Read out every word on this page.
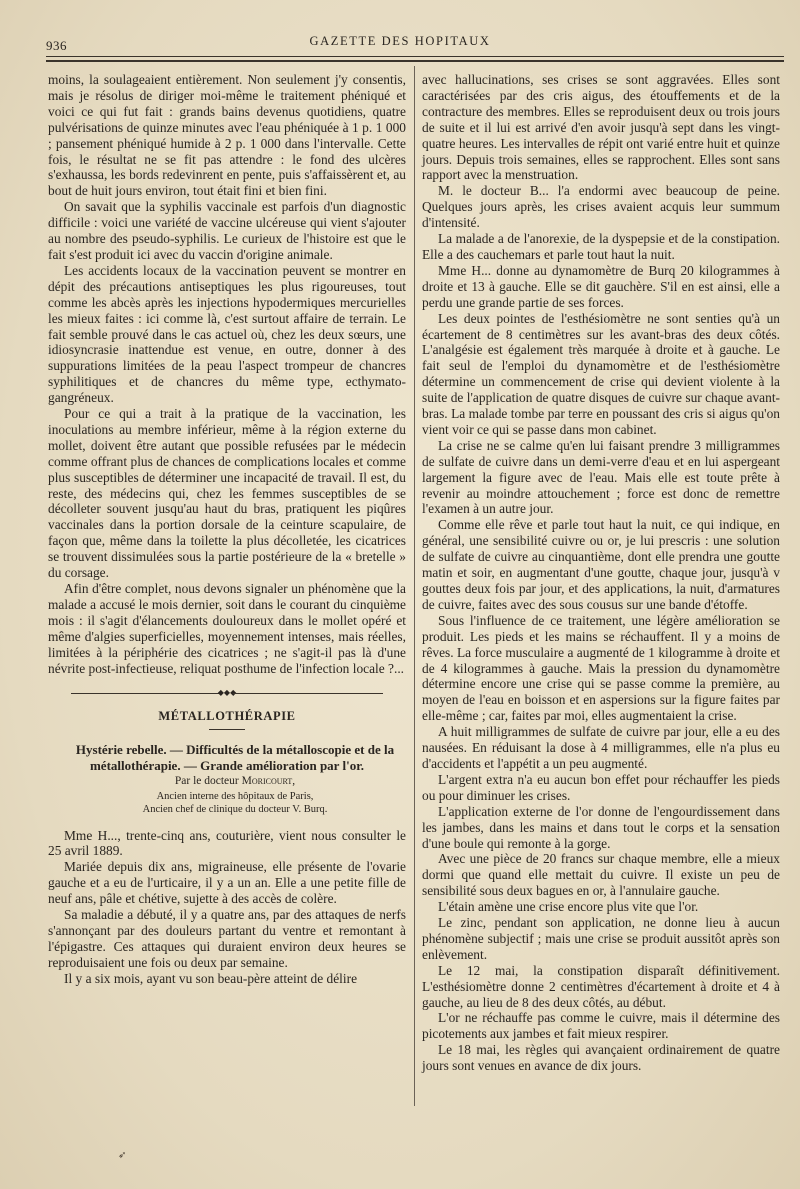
936	GAZETTE DES HOPITAUX

moins, la soulageaient entièrement. Non seulement j'y consentis, mais je résolus de diriger moi-même le traitement phéniqué et voici ce qui fut fait : grands bains devenus quotidiens, quatre pulvérisations de quinze minutes avec l'eau phéniquée à 1 p. 1 000 ; pansement phéniqué humide à 2 p. 1 000 dans l'intervalle. Cette fois, le résultat ne se fit pas attendre : le fond des ulcères s'exhaussa, les bords redevinrent en pente, puis s'affaissèrent et, au bout de huit jours environ, tout était fini et bien fini.

On savait que la syphilis vaccinale est parfois d'un diagnostic difficile : voici une variété de vaccine ulcéreuse qui vient s'ajouter au nombre des pseudo-syphilis. Le curieux de l'histoire est que le fait s'est produit ici avec du vaccin d'origine animale.

Les accidents locaux de la vaccination peuvent se montrer en dépit des précautions antiseptiques les plus rigoureuses, tout comme les abcès après les injections hypodermiques mercurielles les mieux faites : ici comme là, c'est surtout affaire de terrain. Le fait semble prouvé dans le cas actuel où, chez les deux sœurs, une idiosyncrasie inattendue est venue, en outre, donner à des suppurations limitées de la peau l'aspect trompeur de chancres syphilitiques et de chancres du même type, ecthymato-gangréneux.

Pour ce qui a trait à la pratique de la vaccination, les inoculations au membre inférieur, même à la région externe du mollet, doivent être autant que possible refusées par le médecin comme offrant plus de chances de complications locales et comme plus susceptibles de déterminer une incapacité de travail. Il est, du reste, des médecins qui, chez les femmes susceptibles de se décolleter souvent jusqu'au haut du bras, pratiquent les piqûres vaccinales dans la portion dorsale de la ceinture scapulaire, de façon que, même dans la toilette la plus décolletée, les cicatrices se trouvent dissimulées sous la partie postérieure de la « bretelle » du corsage.

Afin d'être complet, nous devons signaler un phénomène que la malade a accusé le mois dernier, soit dans le courant du cinquième mois : il s'agit d'élancements douloureux dans le mollet opéré et même d'algies superficielles, moyennement intenses, mais réelles, limitées à la périphérie des cicatrices ; ne s'agit-il pas là d'une névrite post-infectieuse, reliquat posthume de l'infection locale ?...

◆◆◆
MÉTALLOTHÉRAPIE

Hystérie rebelle. — Difficultés de la métalloscopie et de la métallothérapie. — Grande amélioration par l'or.

Par le docteur Moricourt,

Ancien interne des hôpitaux de Paris,

Ancien chef de clinique du docteur V. Burq.

Mme H..., trente-cinq ans, couturière, vient nous consulter le 25 avril 1889.

Mariée depuis dix ans, migraineuse, elle présente de l'ovarie gauche et a eu de l'urticaire, il y a un an. Elle a une petite fille de neuf ans, pâle et chétive, sujette à des accès de colère.

Sa maladie a débuté, il y a quatre ans, par des attaques de nerfs s'annonçant par des douleurs partant du ventre et remontant à l'épigastre. Ces attaques qui duraient environ deux heures se reproduisaient une fois ou deux par semaine.

Il y a six mois, ayant vu son beau-père atteint de délire

avec hallucinations, ses crises se sont aggravées. Elles sont caractérisées par des cris aigus, des étouffements et de la contracture des membres. Elles se reproduisent deux ou trois jours de suite et il lui est arrivé d'en avoir jusqu'à sept dans les vingt-quatre heures. Les intervalles de répit ont varié entre huit et quinze jours. Depuis trois semaines, elles se rapprochent. Elles sont sans rapport avec la menstruation.

M. le docteur B... l'a endormi avec beaucoup de peine. Quelques jours après, les crises avaient acquis leur summum d'intensité.

La malade a de l'anorexie, de la dyspepsie et de la constipation. Elle a des cauchemars et parle tout haut la nuit.

Mme H... donne au dynamomètre de Burq 20 kilogrammes à droite et 13 à gauche. Elle se dit gauchère. S'il en est ainsi, elle a perdu une grande partie de ses forces.

Les deux pointes de l'esthésiomètre ne sont senties qu'à un écartement de 8 centimètres sur les avant-bras des deux côtés. L'analgésie est également très marquée à droite et à gauche. Le fait seul de l'emploi du dynamomètre et de l'esthésiomètre détermine un commencement de crise qui devient violente à la suite de l'application de quatre disques de cuivre sur chaque avant-bras. La malade tombe par terre en poussant des cris si aigus qu'on vient voir ce qui se passe dans mon cabinet.

La crise ne se calme qu'en lui faisant prendre 3 milligrammes de sulfate de cuivre dans un demi-verre d'eau et en lui aspergeant largement la figure avec de l'eau. Mais elle est toute prête à revenir au moindre attouchement ; force est donc de remettre l'examen à un autre jour.

Comme elle rêve et parle tout haut la nuit, ce qui indique, en général, une sensibilité cuivre ou or, je lui prescris : une solution de sulfate de cuivre au cinquantième, dont elle prendra une goutte matin et soir, en augmentant d'une goutte, chaque jour, jusqu'à v gouttes deux fois par jour, et des applications, la nuit, d'armatures de cuivre, faites avec des sous cousus sur une bande d'étoffe.

Sous l'influence de ce traitement, une légère amélioration se produit. Les pieds et les mains se réchauffent. Il y a moins de rêves. La force musculaire a augmenté de 1 kilogramme à droite et de 4 kilogrammes à gauche. Mais la pression du dynamomètre détermine encore une crise qui se passe comme la première, au moyen de l'eau en boisson et en aspersions sur la figure faites par elle-même ; car, faites par moi, elles augmentaient la crise.

A huit milligrammes de sulfate de cuivre par jour, elle a eu des nausées. En réduisant la dose à 4 milligrammes, elle n'a plus eu d'accidents et l'appétit a un peu augmenté.

L'argent extra n'a eu aucun bon effet pour réchauffer les pieds ou pour diminuer les crises.

L'application externe de l'or donne de l'engourdissement dans les jambes, dans les mains et dans tout le corps et la sensation d'une boule qui remonte à la gorge.

Avec une pièce de 20 francs sur chaque membre, elle a mieux dormi que quand elle mettait du cuivre. Il existe un peu de sensibilité sous deux bagues en or, à l'annulaire gauche.

L'étain amène une crise encore plus vite que l'or.

Le zinc, pendant son application, ne donne lieu à aucun phénomène subjectif ; mais une crise se produit aussitôt après son enlèvement.

Le 12 mai, la constipation disparaît définitivement. L'esthésiomètre donne 2 centimètres d'écartement à droite et 4 à gauche, au lieu de 8 des deux côtés, au début.

L'or ne réchauffe pas comme le cuivre, mais il détermine des picotements aux jambes et fait mieux respirer.

Le 18 mai, les règles qui avançaient ordinairement de quatre jours sont venues en avance de dix jours.

➶
